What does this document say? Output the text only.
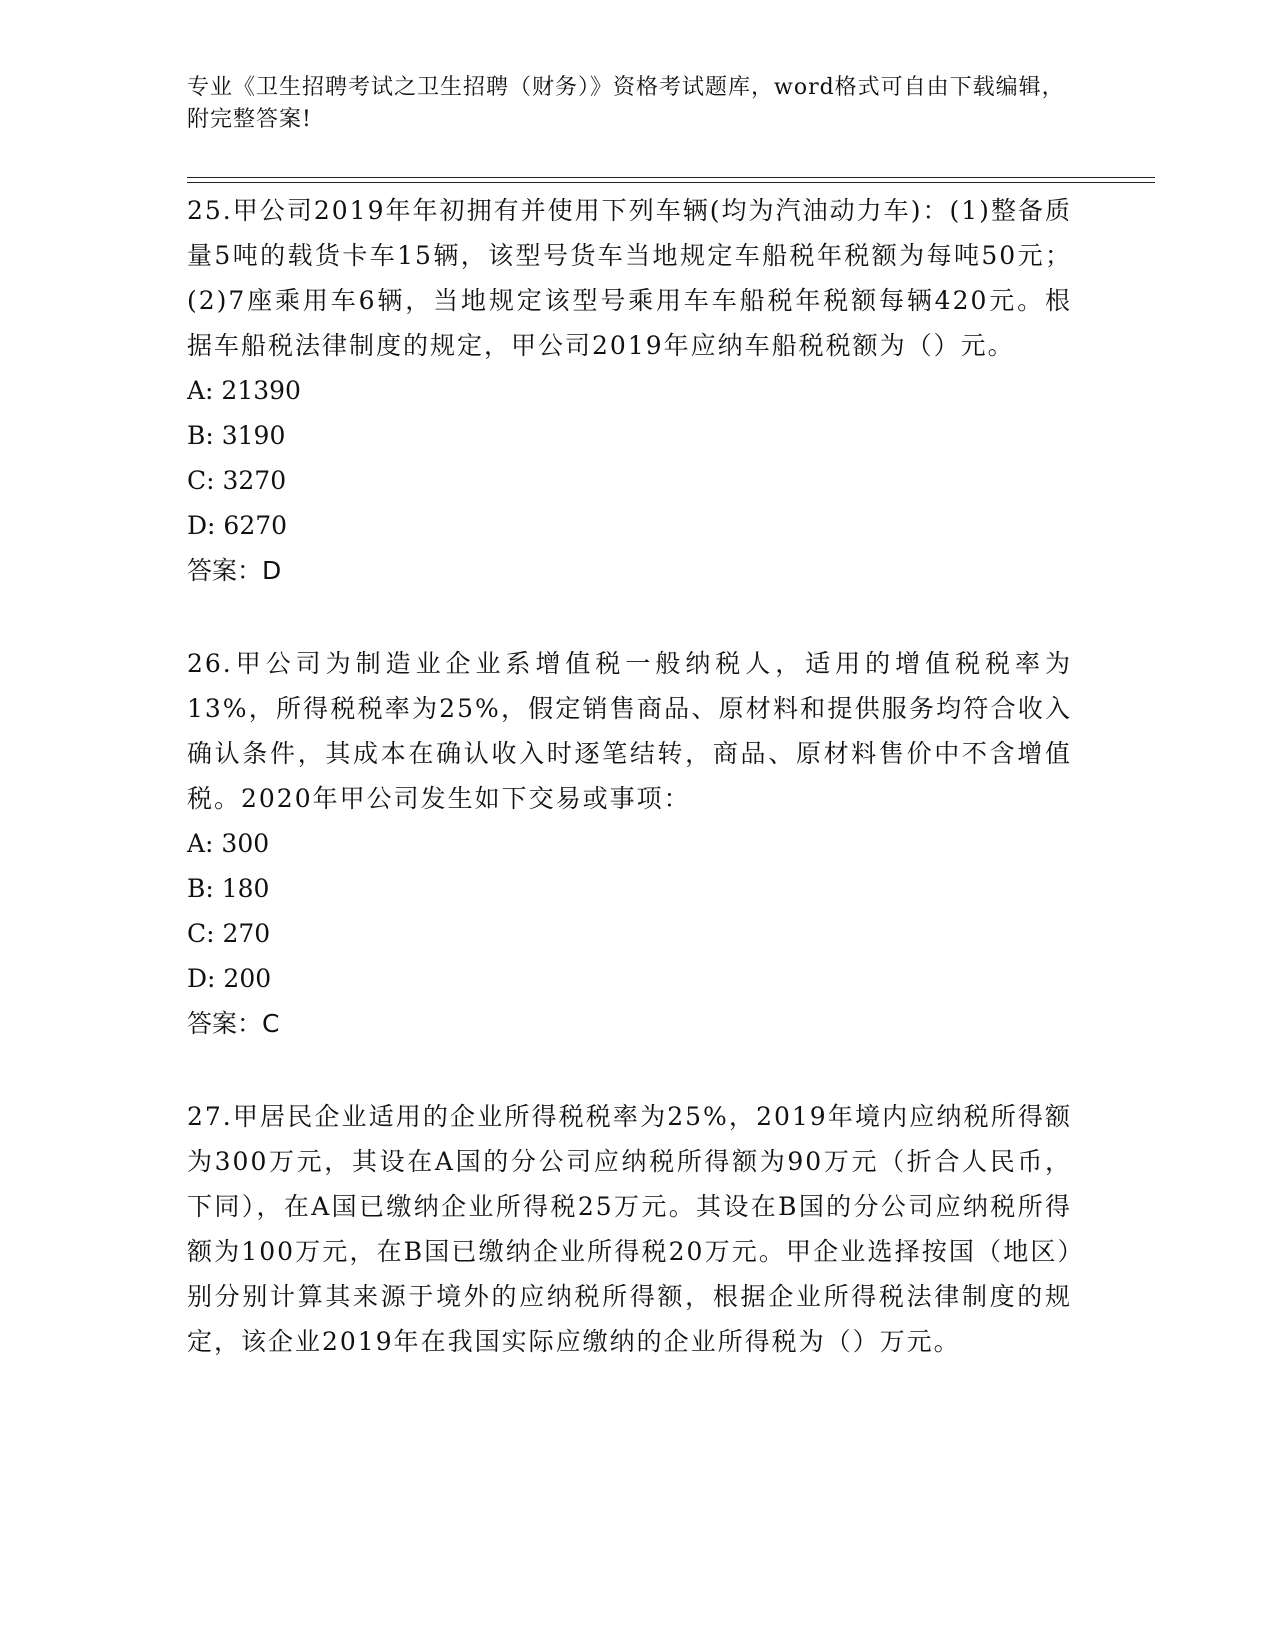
专业《卫生招聘考试之卫生招聘（财务）》资格考试题库，word格式可自由下载编辑，附完整答案!
25.甲公司2019年年初拥有并使用下列车辆(均为汽油动力车)：(1)整备质量5吨的载货卡车15辆，该型号货车当地规定车船税年税额为每吨50元；(2)7座乘用车6辆，当地规定该型号乘用车车船税年税额每辆420元。根据车船税法律制度的规定，甲公司2019年应纳车船税税额为（）元。
A: 21390
B: 3190
C: 3270
D: 6270
答案：D
26.甲公司为制造业企业系增值税一般纳税人，适用的增值税税率为13%，所得税税率为25%，假定销售商品、原材料和提供服务均符合收入确认条件，其成本在确认收入时逐笔结转，商品、原材料售价中不含增值税。2020年甲公司发生如下交易或事项：
A: 300
B: 180
C: 270
D: 200
答案：C
27.甲居民企业适用的企业所得税税率为25%，2019年境内应纳税所得额为300万元，其设在A国的分公司应纳税所得额为90万元（折合人民币，下同），在A国已缴纳企业所得税25万元。其设在B国的分公司应纳税所得额为100万元，在B国已缴纳企业所得税20万元。甲企业选择按国（地区）别分别计算其来源于境外的应纳税所得额，根据企业所得税法律制度的规定，该企业2019年在我国实际应缴纳的企业所得税为（）万元。
